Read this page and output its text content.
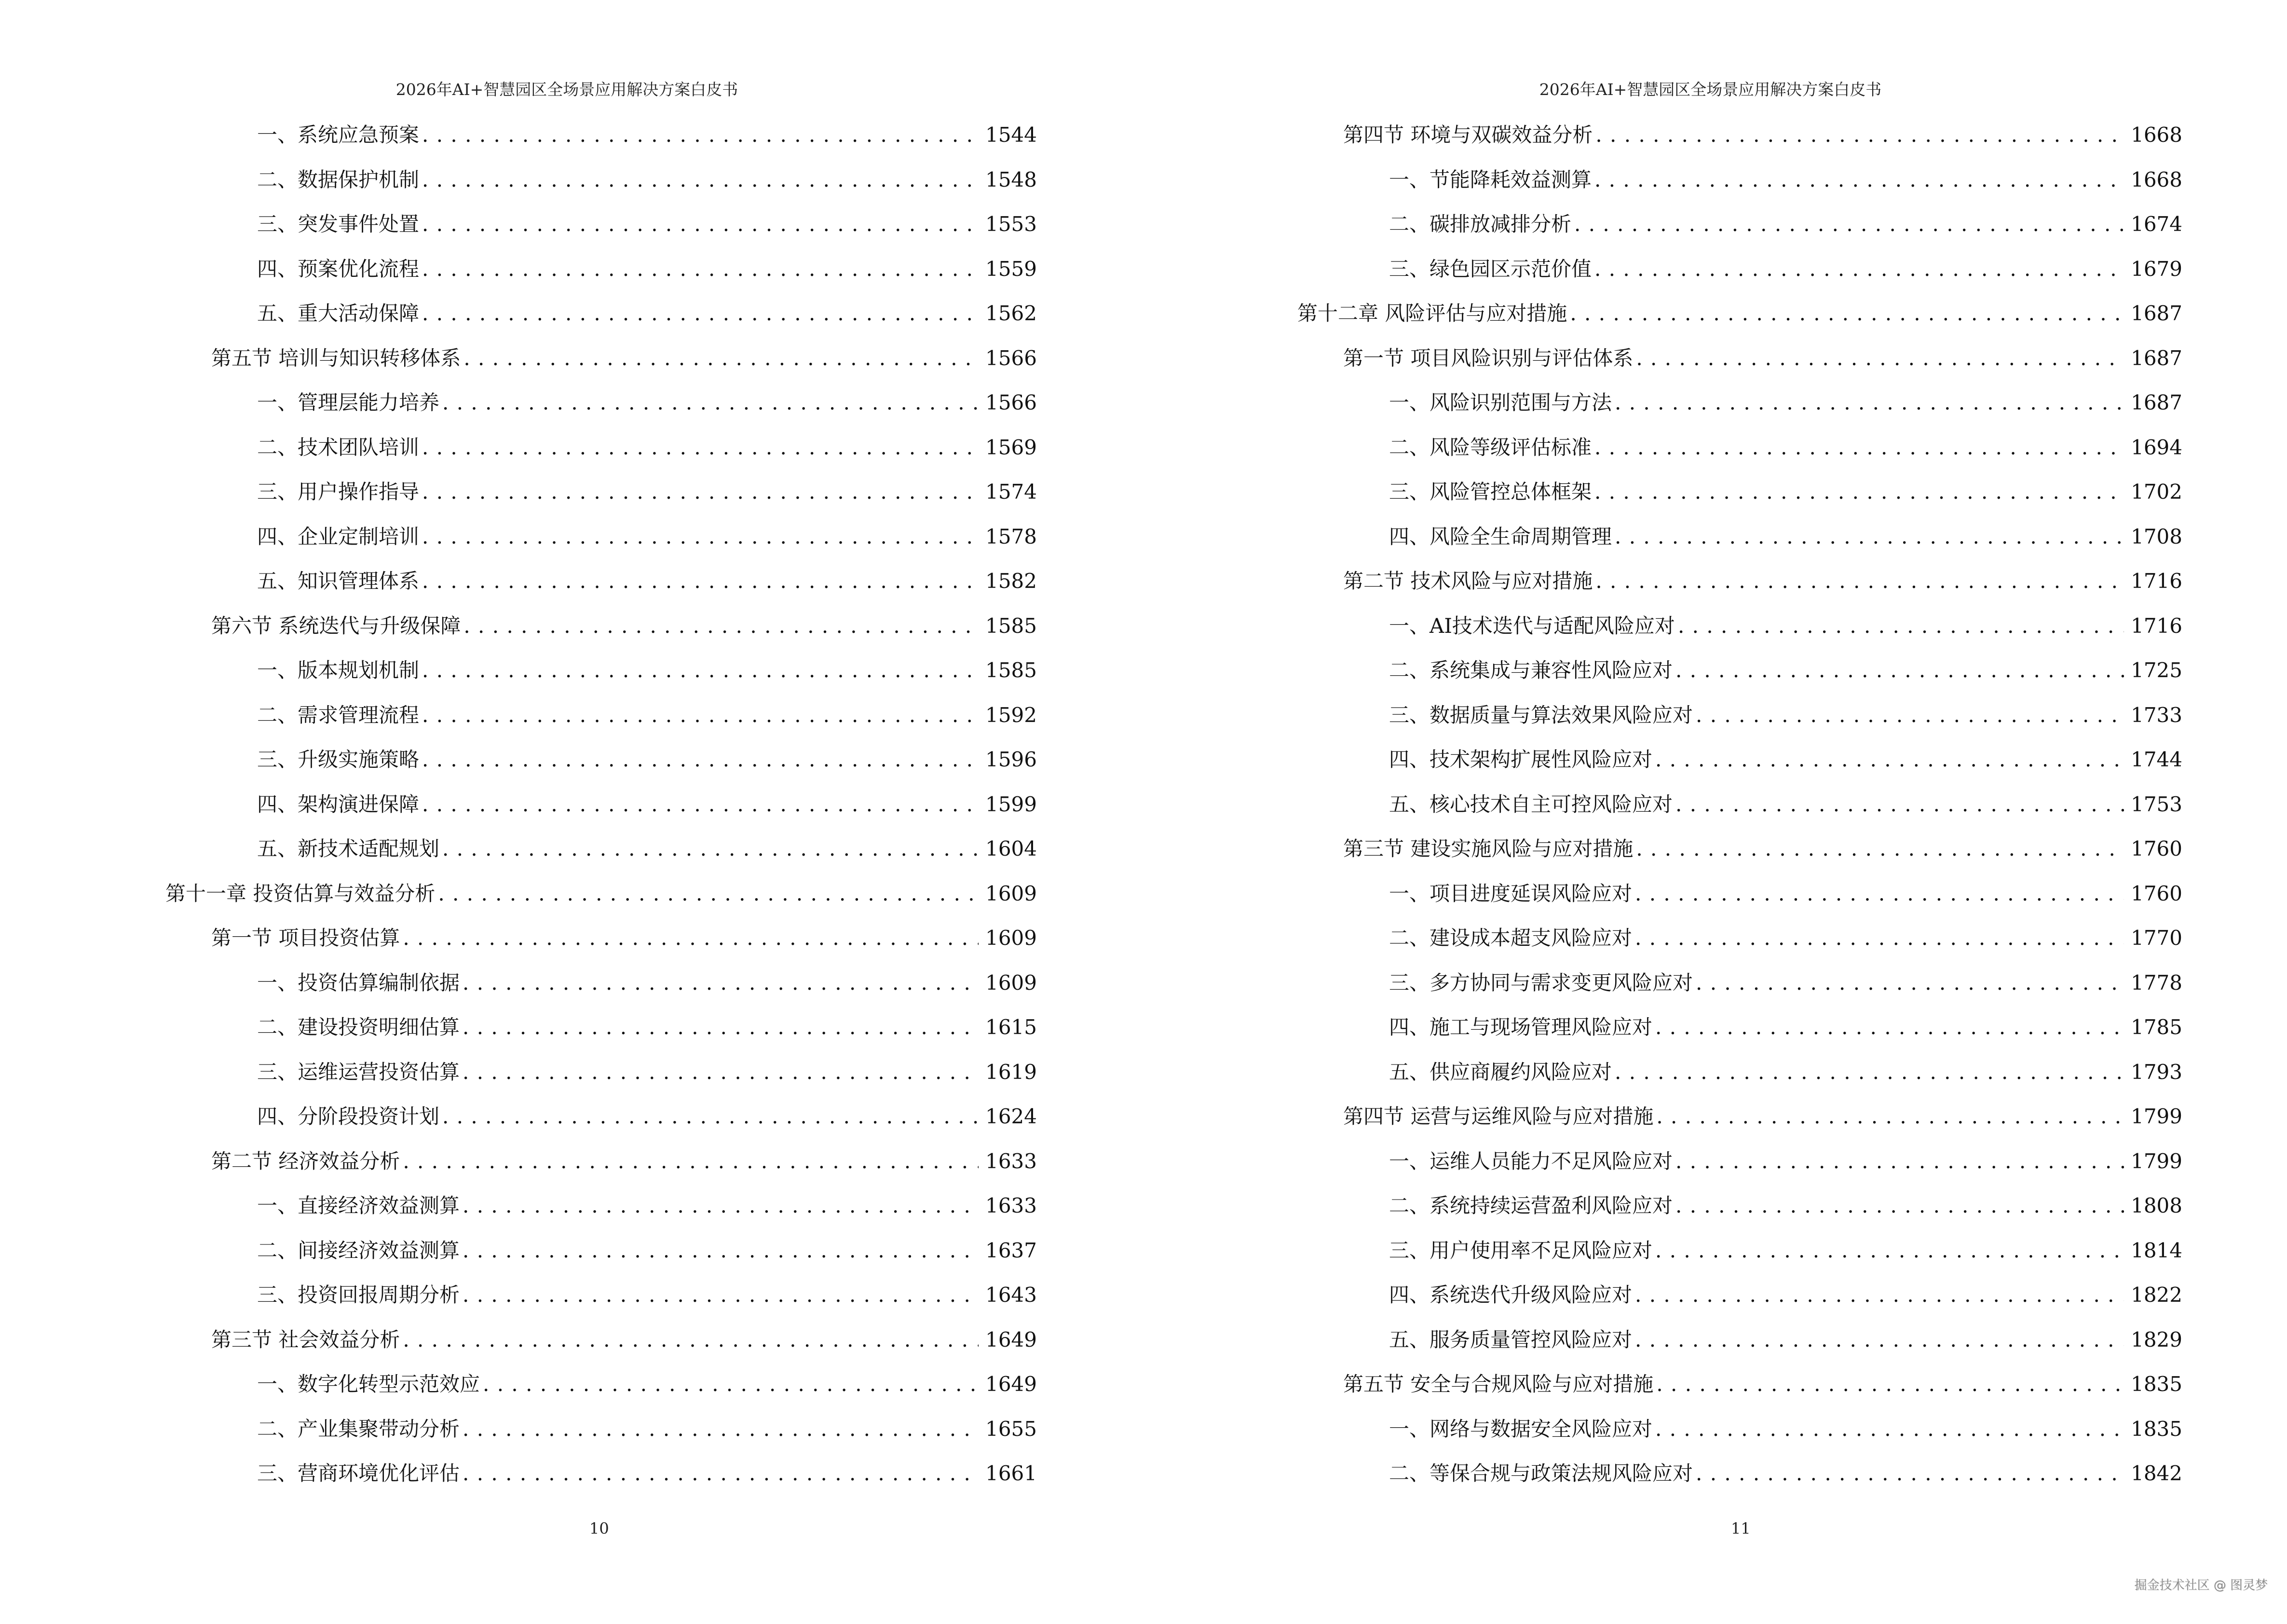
2026年AI+智慧园区全场景应用解决方案白皮书
一、系统应急预案 . . .	1544
二、数据保护机制 . . .	1548
三、突发事件处置 . . .	1553
四、预案优化流程 . . .	1559
五、重大活动保障 . . .	1562
第五节 培训与知识转移体系 . . .	1566
一、管理层能力培养 . . .	1566
二、技术团队培训 . . .	1569
三、用户操作指导 . . .	1574
四、企业定制培训 . . .	1578
五、知识管理体系 . . .	1582
第六节 系统迭代与升级保障 . . .	1585
一、版本规划机制 . . .	1585
二、需求管理流程 . . .	1592
三、升级实施策略 . . .	1596
四、架构演进保障 . . .	1599
五、新技术适配规划 . . .	1604
第十一章 投资估算与效益分析 . . .	1609
第一节 项目投资估算 . . .	1609
一、投资估算编制依据 . . .	1609
二、建设投资明细估算 . . .	1615
三、运维运营投资估算 . . .	1619
四、分阶段投资计划 . . .	1624
第二节 经济效益分析 . . .	1633
一、直接经济效益测算 . . .	1633
二、间接经济效益测算 . . .	1637
三、投资回报周期分析 . . .	1643
第三节 社会效益分析 . . .	1649
一、数字化转型示范效应 . . .	1649
二、产业集聚带动分析 . . .	1655
三、营商环境优化评估 . . .	1661
10
2026年AI+智慧园区全场景应用解决方案白皮书
第四节 环境与双碳效益分析 . . .	1668
一、节能降耗效益测算 . . .	1668
二、碳排放减排分析 . . .	1674
三、绿色园区示范价值 . . .	1679
第十二章 风险评估与应对措施 . . .	1687
第一节 项目风险识别与评估体系 . . .	1687
一、风险识别范围与方法 . . .	1687
二、风险等级评估标准 . . .	1694
三、风险管控总体框架 . . .	1702
四、风险全生命周期管理 . . .	1708
第二节 技术风险与应对措施 . . .	1716
一、AI技术迭代与适配风险应对 . . .	1716
二、系统集成与兼容性风险应对 . . .	1725
三、数据质量与算法效果风险应对 . . .	1733
四、技术架构扩展性风险应对 . . .	1744
五、核心技术自主可控风险应对 . . .	1753
第三节 建设实施风险与应对措施 . . .	1760
一、项目进度延误风险应对 . . .	1760
二、建设成本超支风险应对 . . .	1770
三、多方协同与需求变更风险应对 . . .	1778
四、施工与现场管理风险应对 . . .	1785
五、供应商履约风险应对 . . .	1793
第四节 运营与运维风险与应对措施 . . .	1799
一、运维人员能力不足风险应对 . . .	1799
二、系统持续运营盈利风险应对 . . .	1808
三、用户使用率不足风险应对 . . .	1814
四、系统迭代升级风险应对 . . .	1822
五、服务质量管控风险应对 . . .	1829
第五节 安全与合规风险与应对措施 . . .	1835
一、网络与数据安全风险应对 . . .	1835
二、等保合规与政策法规风险应对 . . .	1842
11
掘金技术社区 @ 图灵梦
